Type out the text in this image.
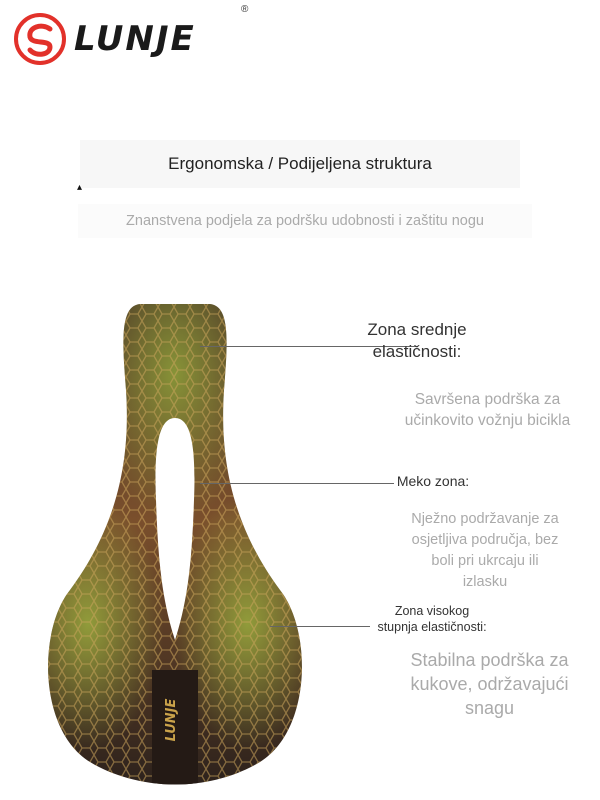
LUNJE
®
Ergonomska / Podijeljena struktura
▴
Znanstvena podjela za podršku udobnosti i zaštitu nogu
LUNJE
Zona srednje
elastičnosti:
Savršena podrška za
učinkovito vožnju bicikla
Meko zona:
Nježno podržavanje za
osjetljiva područja, bez
boli pri ukrcaju ili
izlasku
Zona visokog
stupnja elastičnosti:
Stabilna podrška za
kukove, održavajući
snagu
